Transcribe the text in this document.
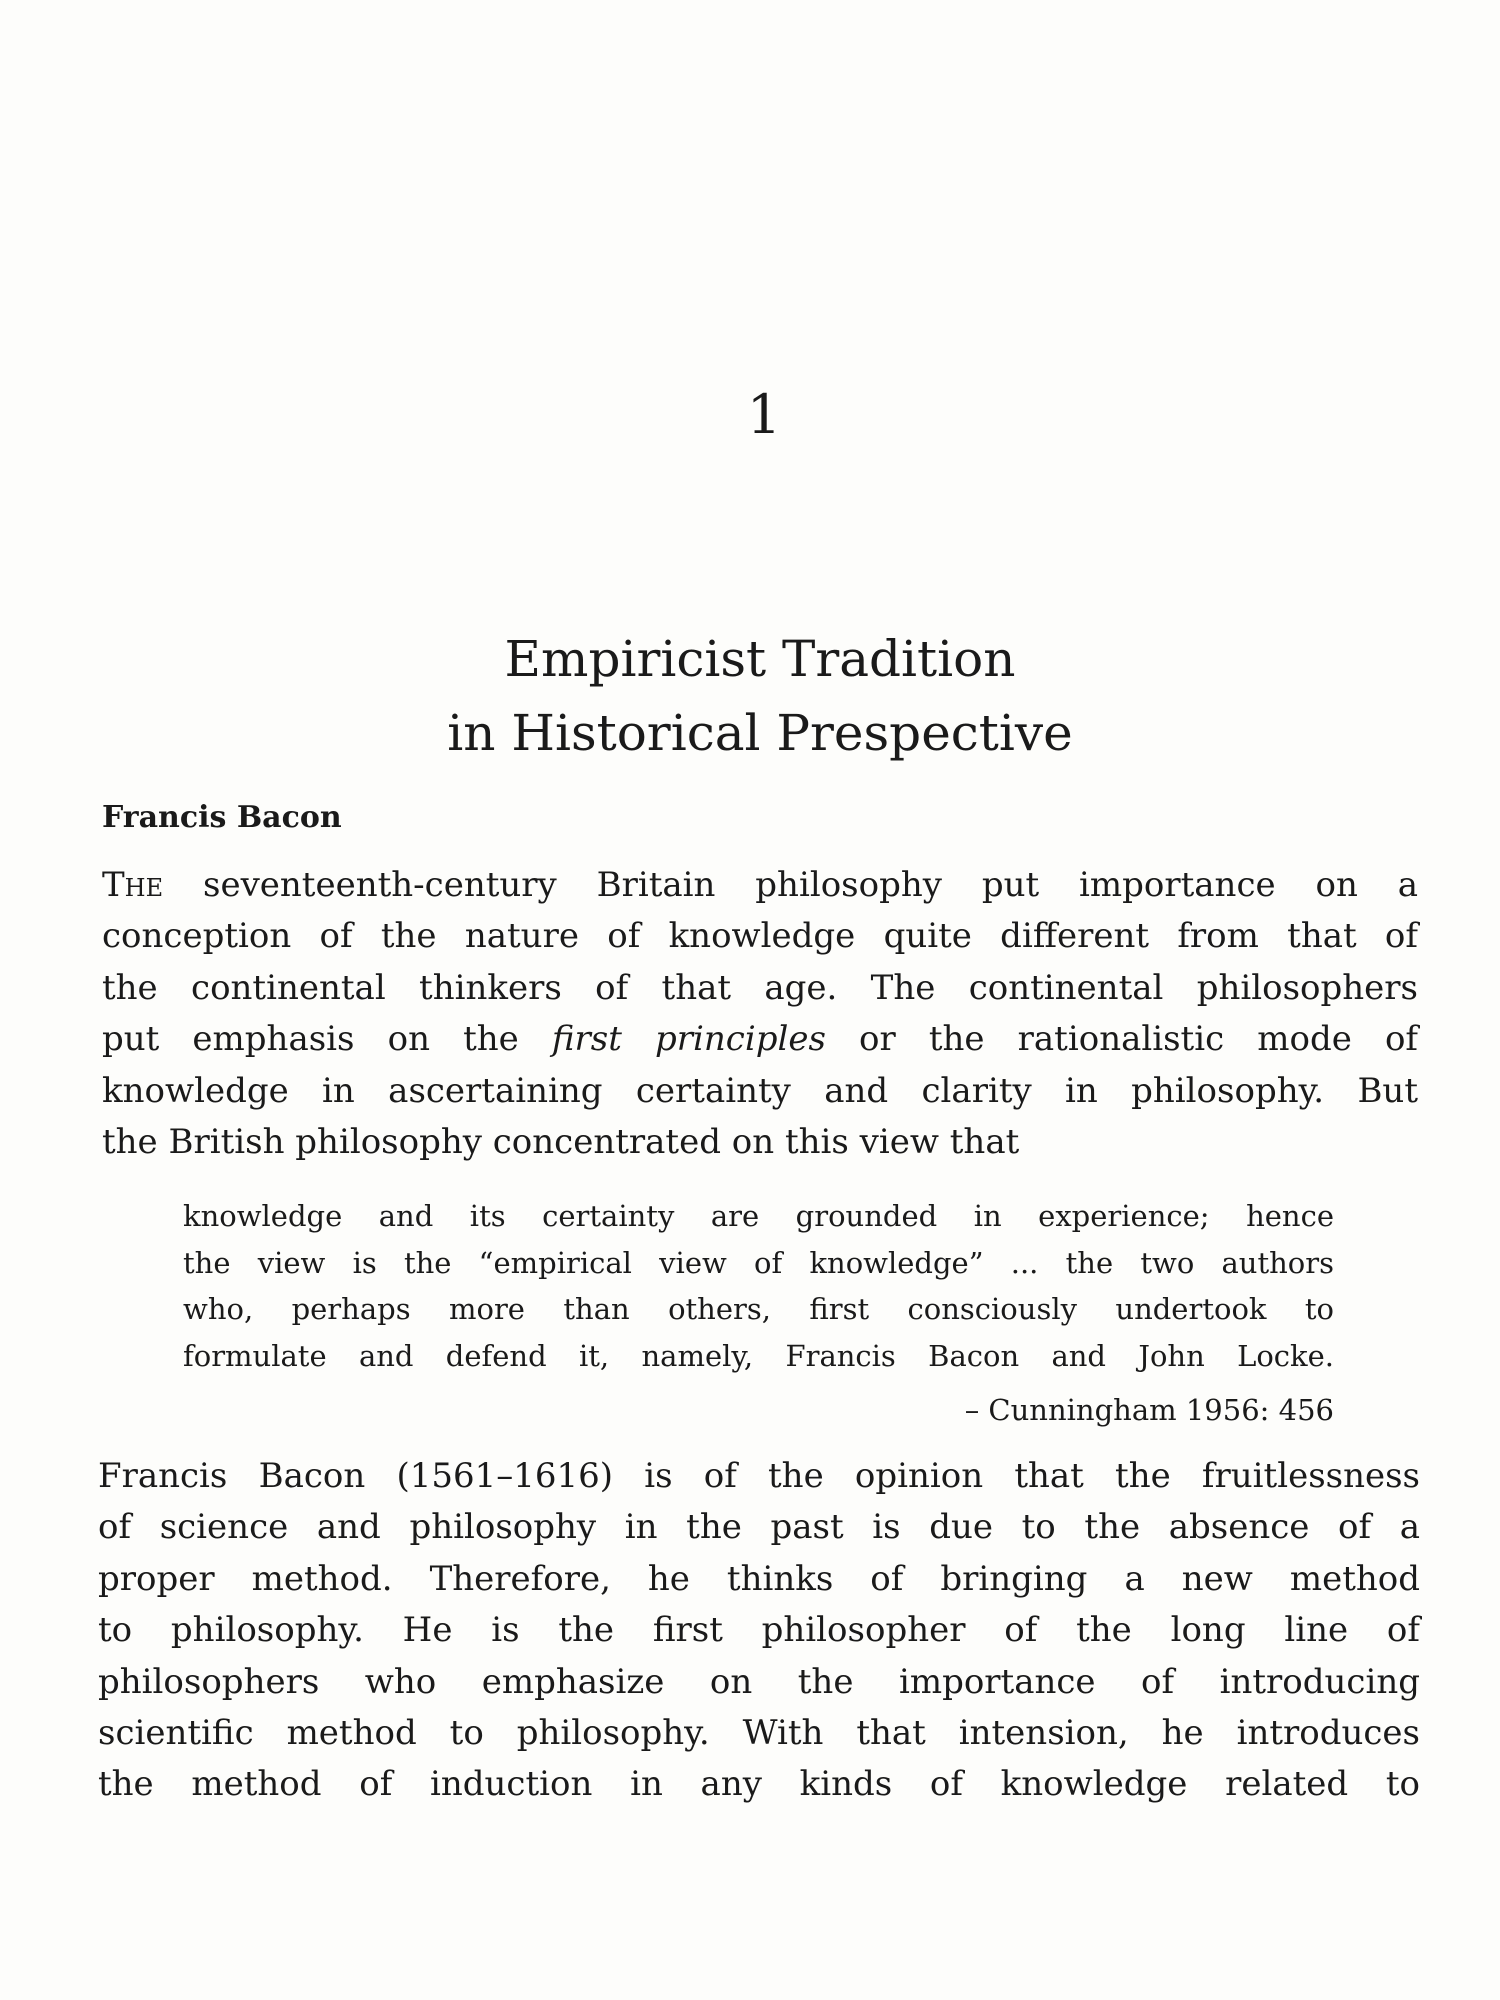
1
Empiricist Tradition
in Historical Prespective
Francis Bacon
The seventeenth-century Britain philosophy put importance on a
conception of the nature of knowledge quite different from that of
the continental thinkers of that age. The continental philosophers
put emphasis on the first principles or the rationalistic mode of
knowledge in ascertaining certainty and clarity in philosophy. But
the British philosophy concentrated on this view that
knowledge and its certainty are grounded in experience; hence
the view is the “empirical view of knowledge” ... the two authors
who, perhaps more than others, first consciously undertook to
formulate and defend it, namely, Francis Bacon and John Locke.
– Cunningham 1956: 456
Francis Bacon (1561–1616) is of the opinion that the fruitlessness
of science and philosophy in the past is due to the absence of a
proper method. Therefore, he thinks of bringing a new method
to philosophy. He is the first philosopher of the long line of
philosophers who emphasize on the importance of introducing
scientific method to philosophy. With that intension, he introduces
the method of induction in any kinds of knowledge related to
